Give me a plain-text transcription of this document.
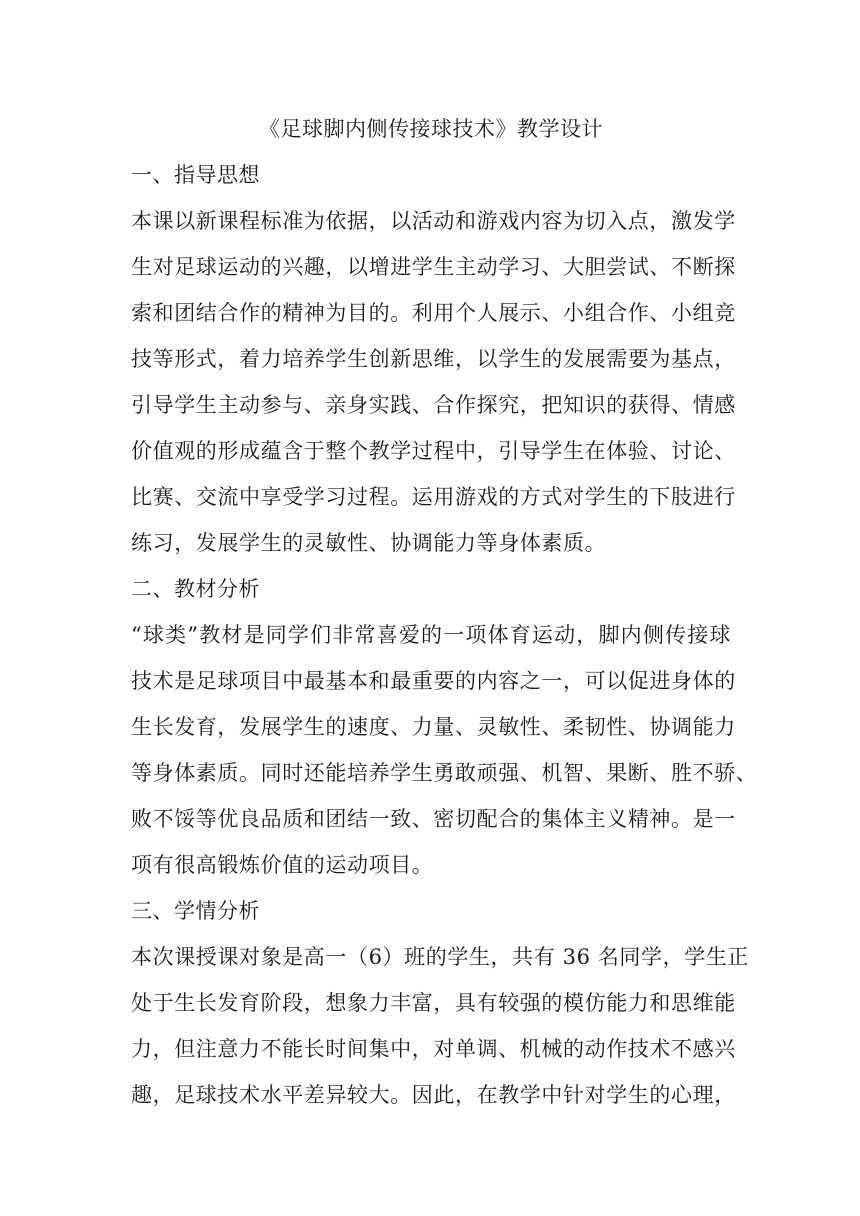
《足球脚内侧传接球技术》教学设计
一、指导思想
本课以新课程标准为依据，以活动和游戏内容为切入点，激发学
生对足球运动的兴趣，以增进学生主动学习、大胆尝试、不断探
索和团结合作的精神为目的。利用个人展示、小组合作、小组竞
技等形式，着力培养学生创新思维，以学生的发展需要为基点，
引导学生主动参与、亲身实践、合作探究，把知识的获得、情感
价值观的形成蕴含于整个教学过程中，引导学生在体验、讨论、
比赛、交流中享受学习过程。运用游戏的方式对学生的下肢进行
练习，发展学生的灵敏性、协调能力等身体素质。
二、教材分析
“球类”教材是同学们非常喜爱的一项体育运动，脚内侧传接球
技术是足球项目中最基本和最重要的内容之一，可以促进身体的
生长发育，发展学生的速度、力量、灵敏性、柔韧性、协调能力
等身体素质。同时还能培养学生勇敢顽强、机智、果断、胜不骄、
败不馁等优良品质和团结一致、密切配合的集体主义精神。是一
项有很高锻炼价值的运动项目。
三、学情分析
本次课授课对象是高一（6）班的学生，共有 36 名同学，学生正
处于生长发育阶段，想象力丰富，具有较强的模仿能力和思维能
力，但注意力不能长时间集中，对单调、机械的动作技术不感兴
趣，足球技术水平差异较大。因此，在教学中针对学生的心理，
